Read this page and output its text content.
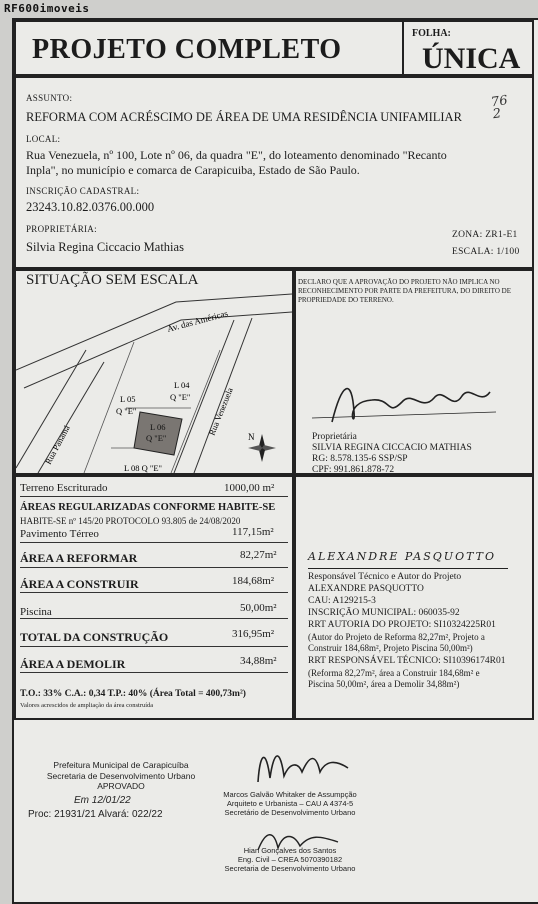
RF600imoveis
PROJETO COMPLETO
FOLHA:
ÚNICA
ASSUNTO:
REFORMA COM ACRÉSCIMO DE ÁREA DE UMA RESIDÊNCIA UNIFAMILIAR
76 2
LOCAL:
Rua Venezuela, nº 100, Lote nº 06, da quadra "E", do loteamento denominado "Recanto
Inpla", no município e comarca de Carapicuiba, Estado de São Paulo.
INSCRIÇÃO CADASTRAL:
23243.10.82.0376.00.000
PROPRIETÁRIA:
Silvia Regina Ciccacio Mathias
ZONA: ZR1-E1
ESCALA: 1/100
SITUAÇÃO SEM ESCALA
Av. das Américas
Rua Panamá
Rua Venezuela
L 05
Q "E"
L 04
Q "E"
L 06
Q "E"
L 08 Q "E"
N
DECLARO QUE A APROVAÇÃO DO PROJETO NÃO IMPLICA NO
RECONHECIMENTO POR PARTE DA PREFEITURA, DO DIREITO DE
PROPRIEDADE DO TERRENO.
Proprietária
SILVIA REGINA CICCACIO MATHIAS
RG: 8.578.135-6 SSP/SP
CPF: 991.861.878-72
Terreno Escriturado	1000,00 m²
ÁREAS REGULARIZADAS CONFORME HABITE-SE
HABITE-SE nº 145/20 PROTOCOLO 93.805 de 24/08/2020
Pavimento Térreo	117,15m²
ÁREA A REFORMAR	82,27m²
ÁREA A CONSTRUIR	184,68m²
Piscina	50,00m²
TOTAL DA CONSTRUÇÃO	316,95m²
ÁREA A DEMOLIR	34,88m²
T.O.: 33% C.A.: 0,34 T.P.: 40% (Área Total = 400,73m²)
Valores acrescidos de ampliação da área construída
ALEXANDRE PASQUOTTO
Responsável Técnico e Autor do Projeto
ALEXANDRE PASQUOTTO
CAU: A129215-3
INSCRIÇÃO MUNICIPAL: 060035-92
RRT AUTORIA DO PROJETO: SI10324225R01
(Autor do Projeto de Reforma 82,27m², Projeto a
Construir 184,68m², Projeto Piscina 50,00m²)
RRT RESPONSÁVEL TÉCNICO: SI10396174R01
(Reforma 82,27m², área a Construir 184,68m² e
Piscina 50,00m², área a Demolir 34,88m²)
Prefeitura Municipal de Carapicuíba
Secretaria de Desenvolvimento Urbano
APROVADO
Em 12/01/22
Proc: 21931/21 Alvará: 022/22
Marcos Galvão Whitaker de Assumpção
Arquiteto e Urbanista – CAU A 4374-5
Secretário de Desenvolvimento Urbano
Hian Gonçalves dos Santos
Eng. Civil – CREA 5070390182
Secretaria de Desenvolvimento Urbano
